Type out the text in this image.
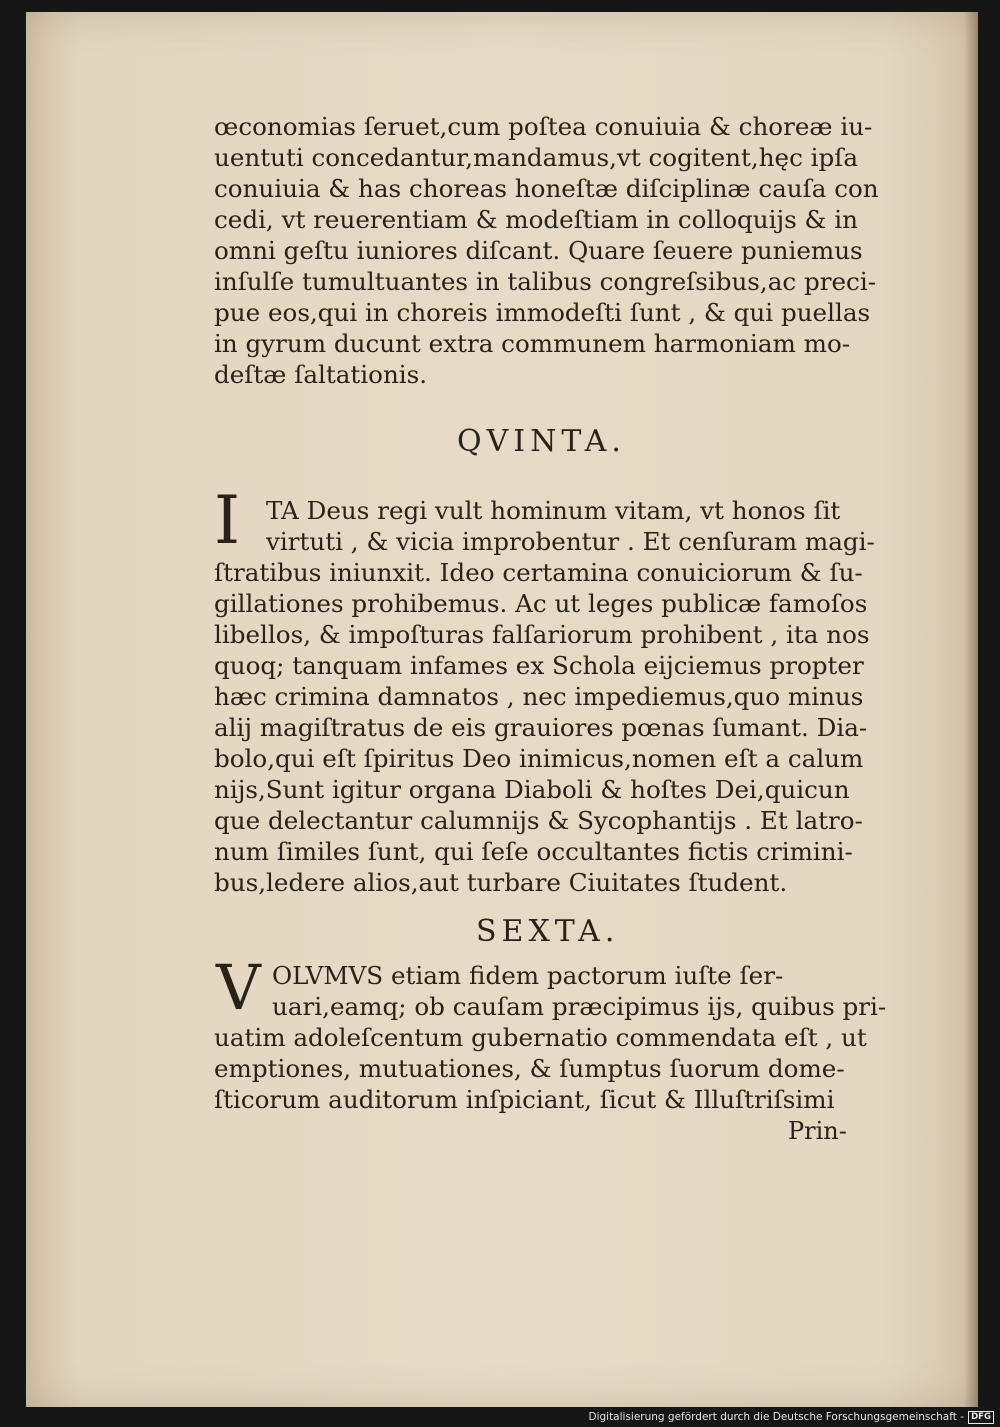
œconomias ſeruet,cum poſtea conuiuia & choreæ iu-
uentuti concedantur,mandamus,vt cogitent,hęc ipſa
conuiuia & has choreas honeſtæ diſciplinæ cauſa con
cedi, vt reuerentiam & modeſtiam in colloquijs & in
omni geſtu iuniores diſcant. Quare ſeuere puniemus
inſulſe tumultuantes in talibus congreſsibus,ac preci-
pue eos,qui in choreis immodeſti ſunt , & qui puellas
in gyrum ducunt extra communem harmoniam mo-
deſtæ ſaltationis.
QVINTA.
I	TA Deus regi vult hominum vitam, vt honos ſit
virtuti , & vicia improbentur . Et cenſuram magi-
ſtratibus iniunxit. Ideo certamina conuiciorum & ſu-
gillationes prohibemus. Ac ut leges publicæ famoſos
libellos, & impoſturas falſariorum prohibent , ita nos
quoq; tanquam infames ex Schola eijciemus propter
hæc crimina damnatos , nec impediemus,quo minus
alij magiſtratus de eis grauiores pœnas ſumant. Dia-
bolo,qui eſt ſpiritus Deo inimicus,nomen eſt a calum
nijs,Sunt igitur organa Diaboli & hoſtes Dei,quicun
que delectantur calumnijs & Sycophantijs . Et latro-
num ſimiles ſunt, qui ſeſe occultantes fictis crimini-
bus,ledere alios,aut turbare Ciuitates ſtudent.
SEXTA.
V OLVMVS etiam fidem pactorum iuſte ſer-
uari,eamq; ob cauſam præcipimus ijs, quibus pri-
uatim adoleſcentum gubernatio commendata eſt , ut
emptiones, mutuationes, & ſumptus ſuorum dome-
ſticorum auditorum inſpiciant, ſicut & Illuſtriſsimi
Prin-
Digitalisierung gefördert durch die Deutsche Forschungsgemeinschaft - DFG
